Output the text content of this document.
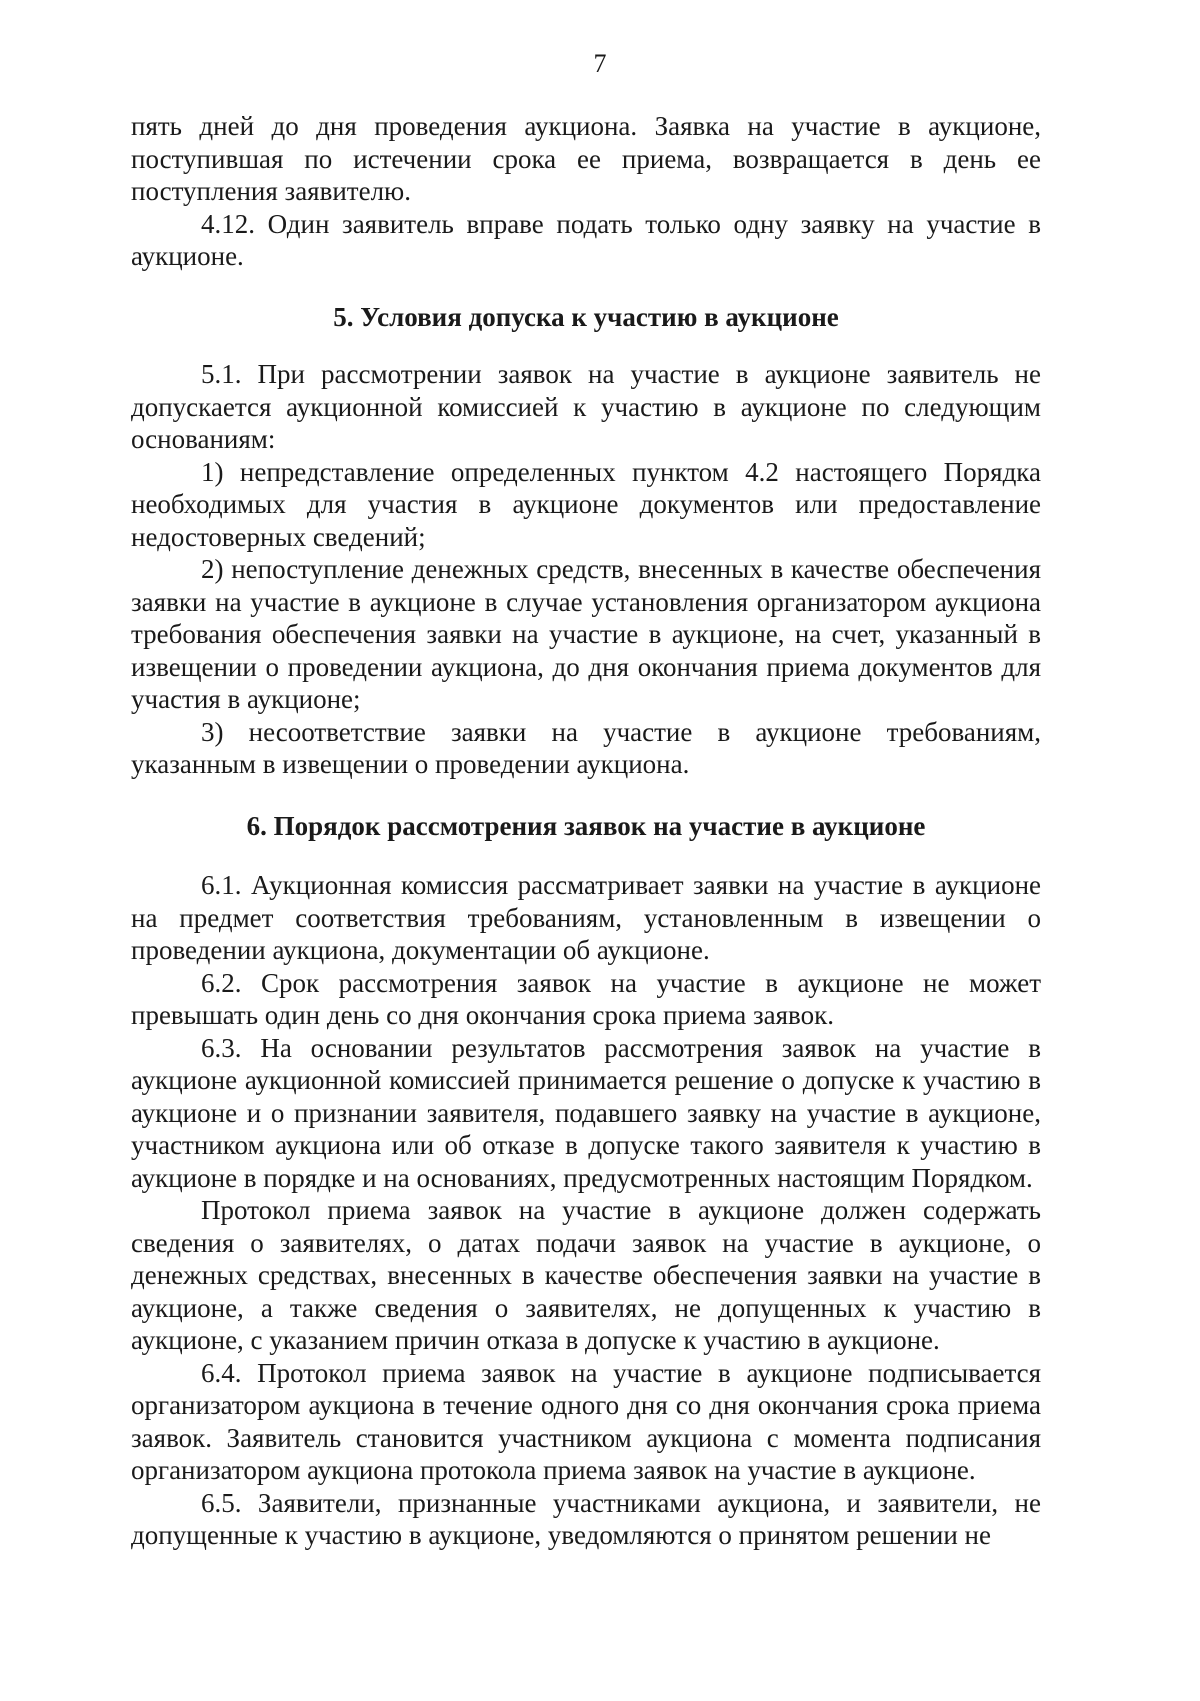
7

пять дней до дня проведения аукциона. Заявка на участие в аукционе, поступившая по истечении срока ее приема, возвращается в день ее поступления заявителю.

4.12. Один заявитель вправе подать только одну заявку на участие в аукционе.

5. Условия допуска к участию в аукционе

5.1. При рассмотрении заявок на участие в аукционе заявитель не допускается аукционной комиссией к участию в аукционе по следующим основаниям:

1) непредставление определенных пунктом 4.2 настоящего Порядка необходимых для участия в аукционе документов или предоставление недостоверных сведений;

2) непоступление денежных средств, внесенных в качестве обеспечения заявки на участие в аукционе в случае установления организатором аукциона требования обеспечения заявки на участие в аукционе, на счет, указанный в извещении о проведении аукциона, до дня окончания приема документов для участия в аукционе;

3) несоответствие заявки на участие в аукционе требованиям, указанным в извещении о проведении аукциона.

6. Порядок рассмотрения заявок на участие в аукционе

6.1. Аукционная комиссия рассматривает заявки на участие в аукционе на предмет соответствия требованиям, установленным в извещении о проведении аукциона, документации об аукционе.

6.2. Срок рассмотрения заявок на участие в аукционе не может превышать один день со дня окончания срока приема заявок.

6.3. На основании результатов рассмотрения заявок на участие в аукционе аукционной комиссией принимается решение о допуске к участию в аукционе и о признании заявителя, подавшего заявку на участие в аукционе, участником аукциона или об отказе в допуске такого заявителя к участию в аукционе в порядке и на основаниях, предусмотренных настоящим Порядком.

Протокол приема заявок на участие в аукционе должен содержать сведения о заявителях, о датах подачи заявок на участие в аукционе, о денежных средствах, внесенных в качестве обеспечения заявки на участие в аукционе, а также сведения о заявителях, не допущенных к участию в аукционе, с указанием причин отказа в допуске к участию в аукционе.

6.4. Протокол приема заявок на участие в аукционе подписывается организатором аукциона в течение одного дня со дня окончания срока приема заявок. Заявитель становится участником аукциона с момента подписания организатором аукциона протокола приема заявок на участие в аукционе.

6.5. Заявители, признанные участниками аукциона, и заявители, не допущенные к участию в аукционе, уведомляются о принятом решении не
